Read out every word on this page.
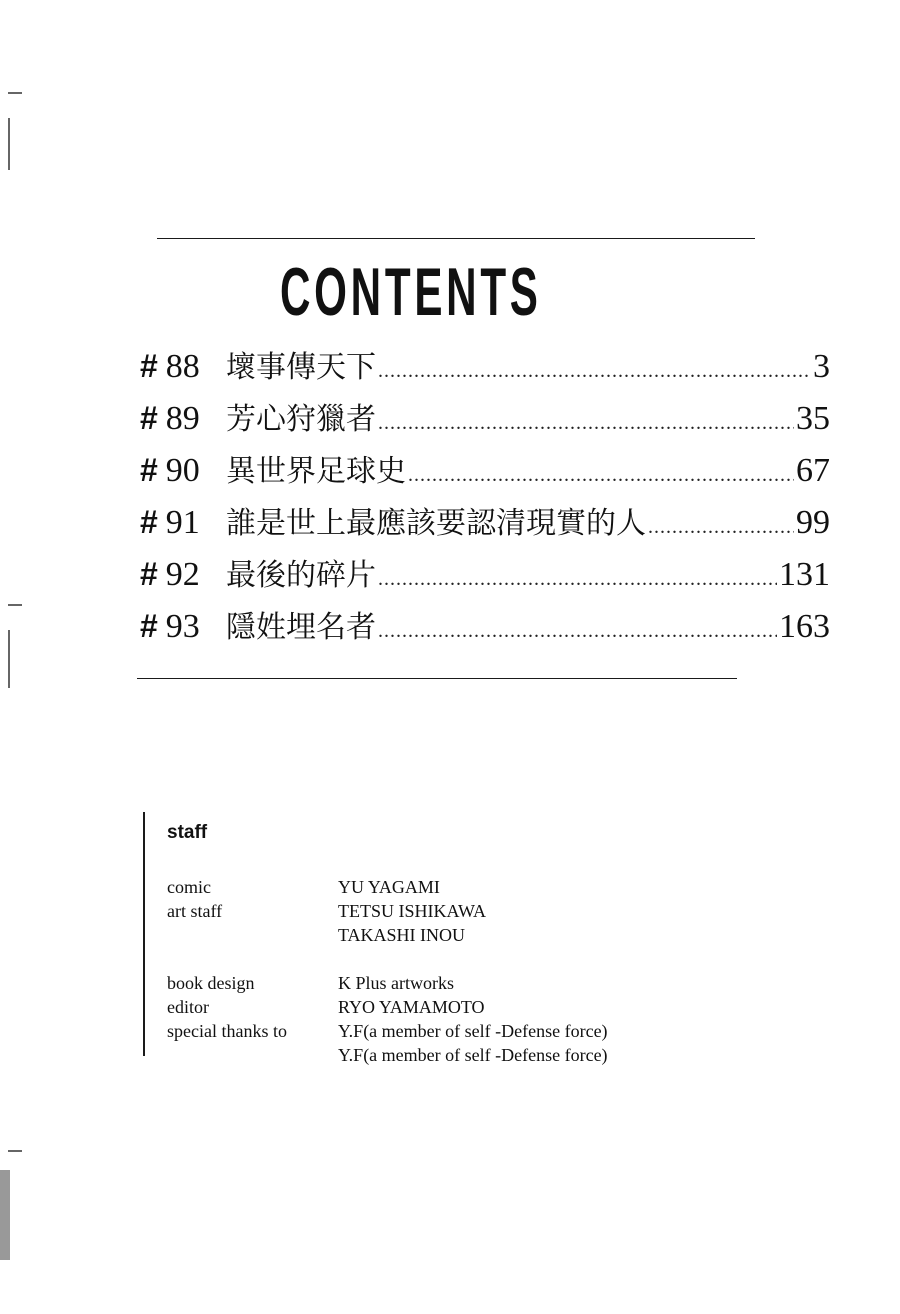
CONTENTS
# 88 壞事傳天下 .....	3
# 89 芳心狩獵者 .....	35
# 90 異世界足球史 .....	67
# 91 誰是世上最應該要認清現實的人 .....	99
# 92 最後的碎片 .....	131
# 93 隱姓埋名者 .....	163
staff
comic	YU YAGAMI
art staff	TETSU ISHIKAWA
TAKASHI INOU
book design	K Plus artworks
editor	RYO YAMAMOTO
special thanks to	Y.F(a member of self -Defense force)
Y.F(a member of self -Defense force)
